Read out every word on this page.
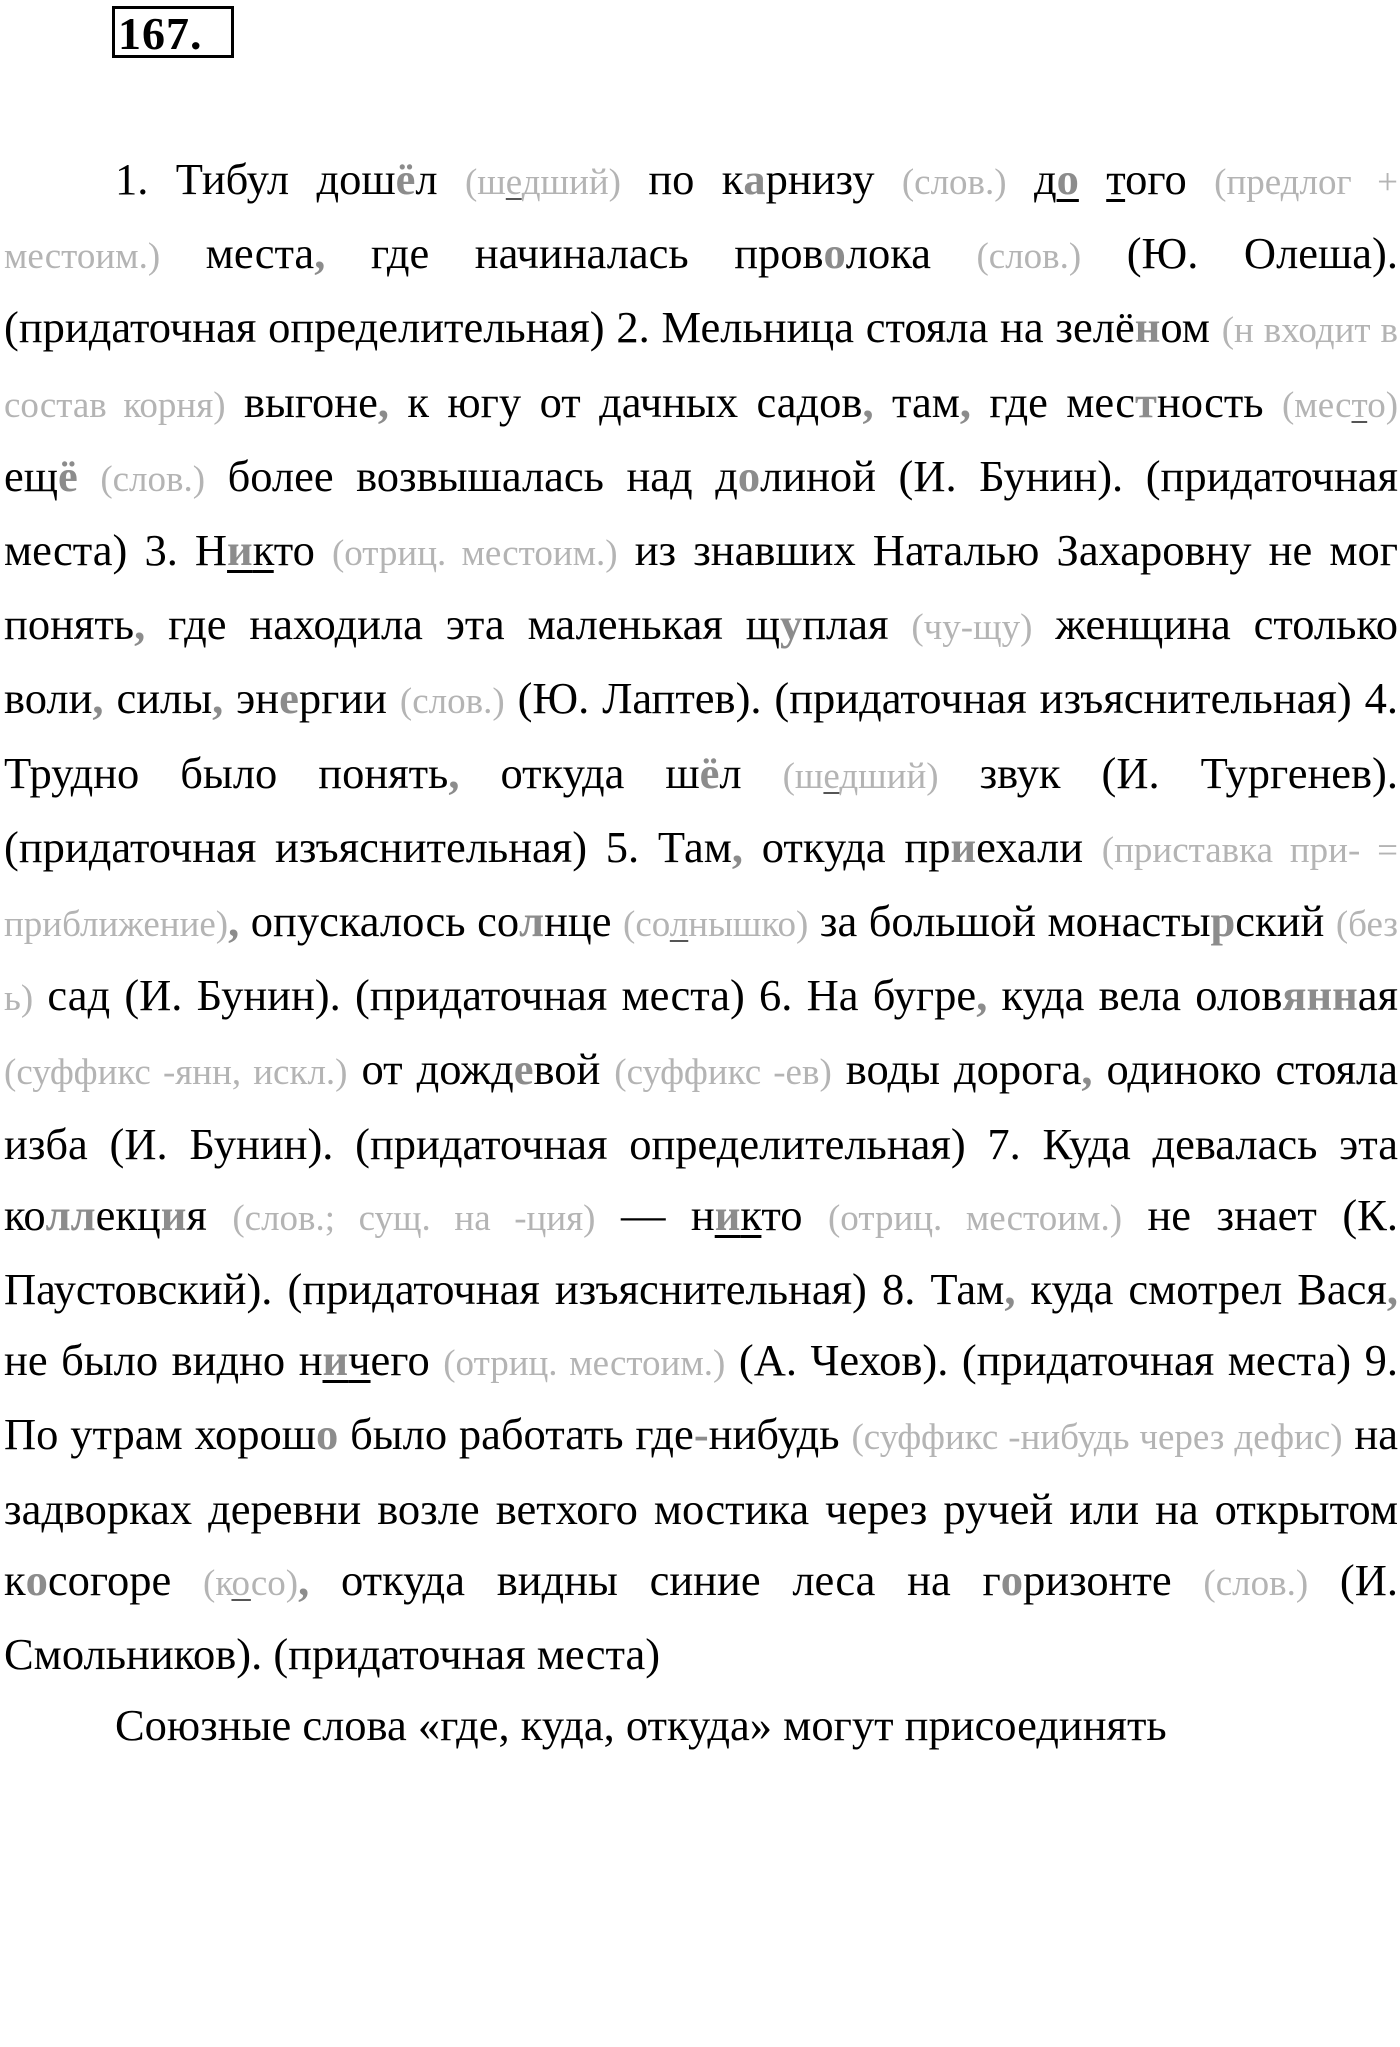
167.

1. Тибул дошёл (шедший) по карнизу (слов.) до того (предлог + местоим.) места, где начиналась проволока (слов.) (Ю. Олеша). (придаточная определительная) 2. Мельница стояла на зелёном (н входит в состав корня) выгоне, к югу от дачных садов, там, где местность (место) ещё (слов.) более возвышалась над долиной (И. Бунин). (придаточная места) 3. Никто (отриц. местоим.) из знавших Наталью Захаровну не мог понять, где находила эта маленькая щуплая (чу-щу) женщина столько воли, силы, энергии (слов.) (Ю. Лаптев). (придаточная изъяснительная) 4. Трудно было понять, откуда шёл (шедший) звук (И. Тургенев). (придаточная изъяснительная) 5. Там, откуда приехали (приставка при- = приближение), опускалось солнце (солнышко) за большой монастырский (без ь) сад (И. Бунин). (придаточная места) 6. На бугре, куда вела оловянная (суффикс -янн, искл.) от дождевой (суффикс -ев) воды дорога, одиноко стояла изба (И. Бунин). (придаточная определительная) 7. Куда девалась эта коллекция (слов.; сущ. на -ция) — никто (отриц. местоим.) не знает (К. Паустовский). (придаточная изъяснительная) 8. Там, куда смотрел Вася, не было видно ничего (отриц. местоим.) (А. Чехов). (придаточная места) 9. По утрам хорошо было работать где-нибудь (суффикс -нибудь через дефис) на задворках деревни возле ветхого мостика через ручей или на открытом косогоре (косо), откуда видны синие леса на горизонте (слов.) (И. Смольников). (придаточная места)

Союзные слова «где, куда, откуда» могут присоединять
